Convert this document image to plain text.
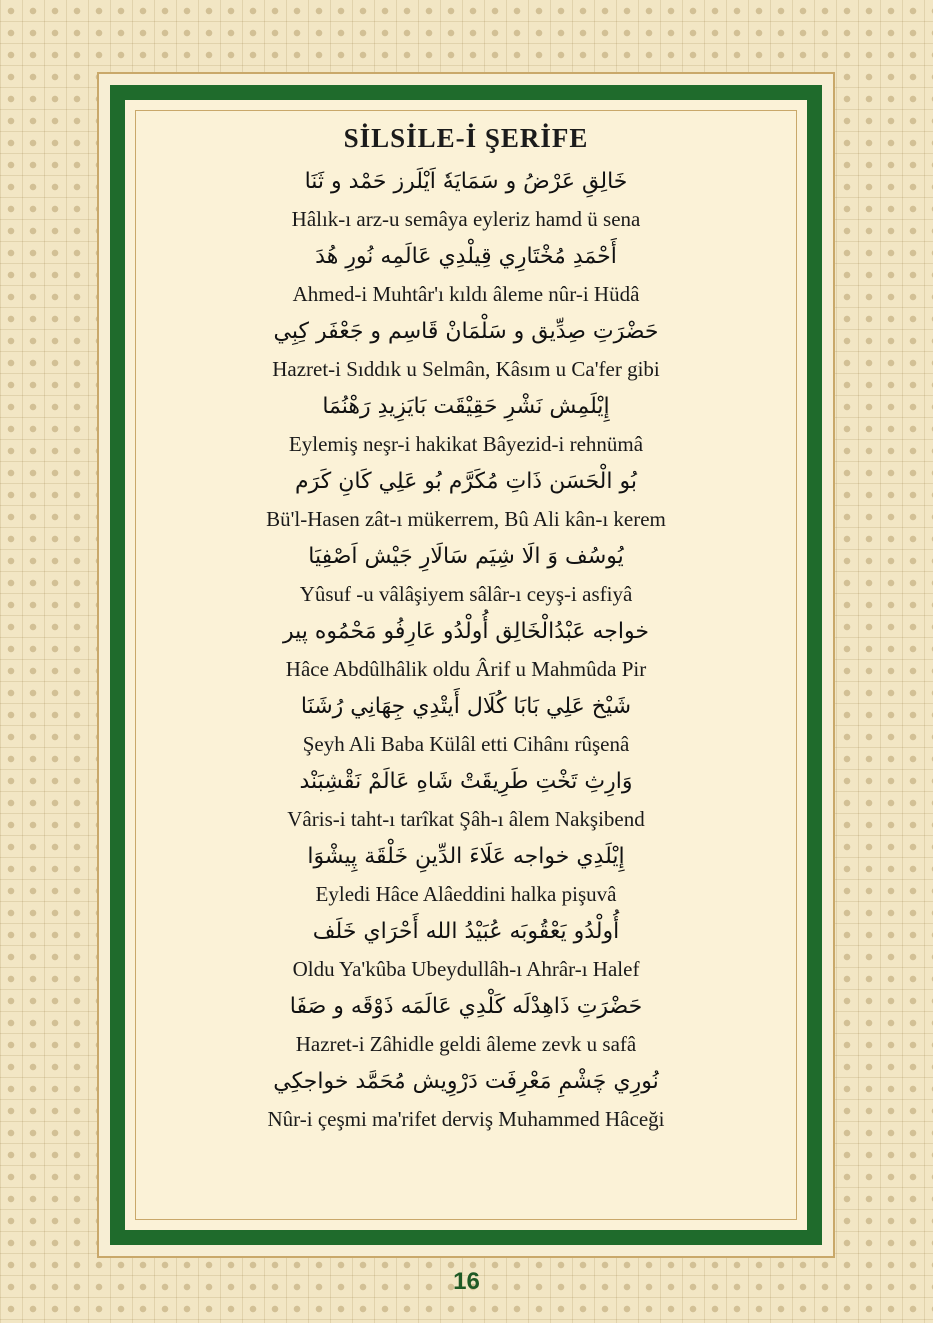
SİLSİLE-İ ŞERİFE
خَالِقِ عَرْضُ و سَمَايَهٗ اَيْلَرز حَمْد و ثَنَا
Hâlık-ı arz-u semâya eyleriz hamd ü sena
أَحْمَدِ مُخْتَارِي قِيلْدِي عَالَمِه نُورِ هُدَ
Ahmed-i Muhtâr'ı kıldı âleme nûr-i Hüdâ
حَضْرَتِ صِدِّيق و سَلْمَانْ قَاسِم و جَعْفَر كِبِي
Hazret-i Sıddık u Selmân, Kâsım u Ca'fer gibi
إِيْلَمِش نَشْرِ حَقِيْقَت بَايَزِيدِ رَهْنُمَا
Eylemiş neşr-i hakikat Bâyezid-i rehnümâ
بُو الْحَسَن ذَاتِ مُكَرَّم بُو عَلِي كَانِ كَرَم
Bü'l-Hasen zât-ı mükerrem, Bû Ali kân-ı kerem
يُوسُف وَ الَا شِيَم سَالَارِ جَيْش اَصْفِيَا
Yûsuf -u vâlâşiyem sâlâr-ı ceyş-i asfiyâ
خواجه عَبْدُالْخَالِق أُولْدُو عَارِفُو مَحْمُوه پير
Hâce Abdûlhâlik oldu Ârif u Mahmûda Pir
شَيْخ عَلِي بَابَا كُلَال أَيتْدِي جِهَانِي رُشَنَا
Şeyh Ali Baba Külâl etti Cihânı rûşenâ
وَارِثِ تَخْتِ طَرِيقَتْ شَاهِ عَالَمْ نَقْشِبَنْد
Vâris-i taht-ı tarîkat Şâh-ı âlem Nakşibend
إِيْلَدِي خواجه عَلَاءَ الدِّينِ خَلْقَة پِيشْوَا
Eyledi Hâce Alâeddini halka pişuvâ
أُولْدُو يَعْقُوبَه عُبَيْدُ الله أَحْرَاي خَلَف
Oldu Ya'kûba Ubeydullâh-ı Ahrâr-ı Halef
حَضْرَتِ ذَاهِدْلَه كَلْدِي عَالَمَه ذَوْقَه و صَفَا
Hazret-i Zâhidle geldi âleme zevk u safâ
نُورِي چَشْمِ مَعْرِفَت دَرْوِيش مُحَمَّد خواجكِي
Nûr-i çeşmi ma'rifet derviş Muhammed Hâceği
16
